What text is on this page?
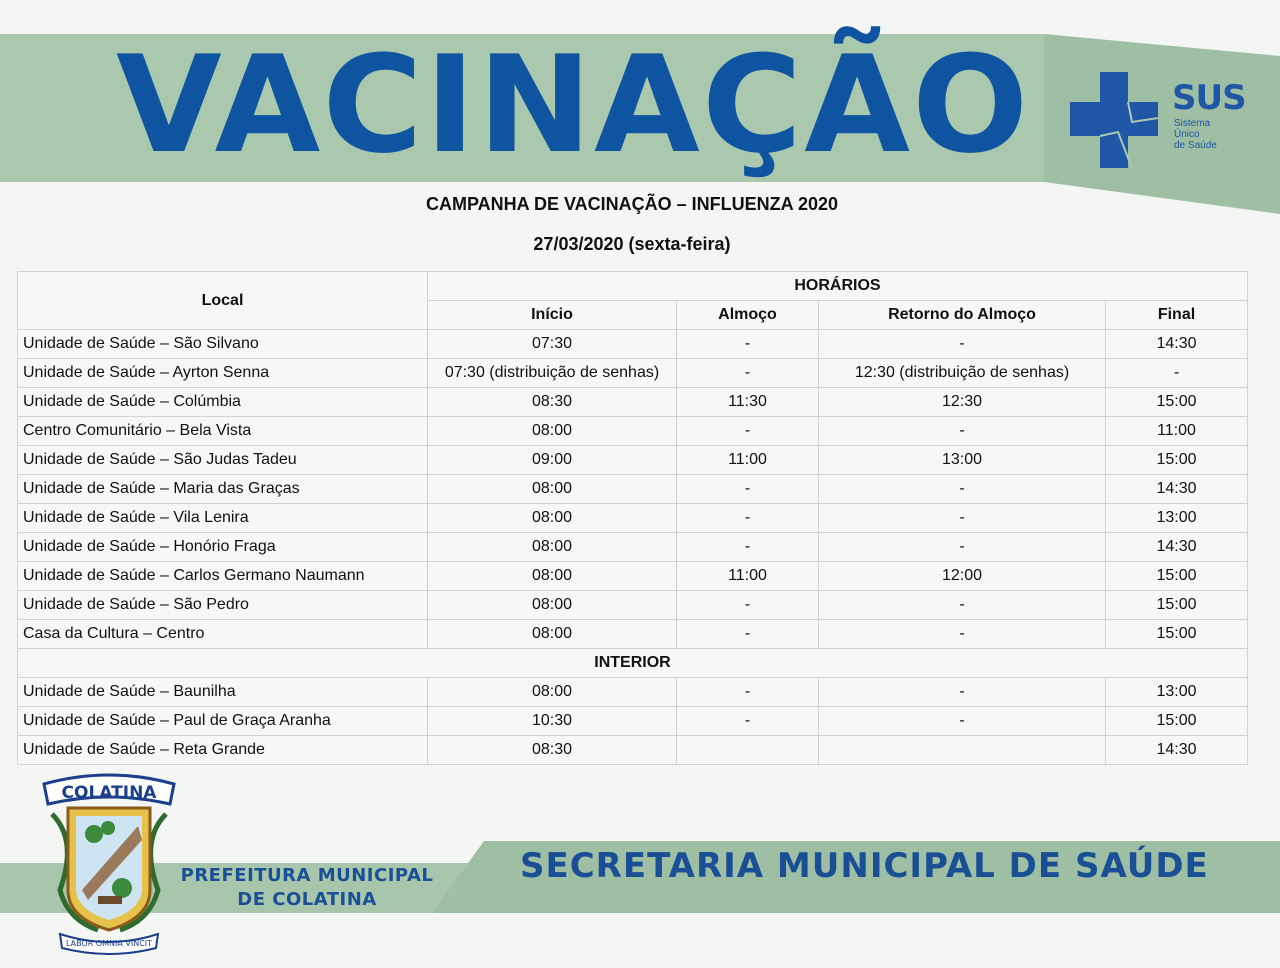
VACINAÇÃO	SUS
Sistema
Único
de Saúde
CAMPANHA DE VACINAÇÃO – INFLUENZA 2020
27/03/2020 (sexta-feira)
Local	HORÁRIOS			
	Início	Almoço	Retorno do Almoço	Final
Unidade de Saúde – São Silvano	07:30	-	-	14:30
Unidade de Saúde – Ayrton Senna	07:30 (distribuição de senhas)	-	12:30 (distribuição de senhas)	-
Unidade de Saúde – Colúmbia	08:30	11:30	12:30	15:00
Centro Comunitário – Bela Vista	08:00	-	-	11:00
Unidade de Saúde – São Judas Tadeu	09:00	11:00	13:00	15:00
Unidade de Saúde – Maria das Graças	08:00	-	-	14:30
Unidade de Saúde – Vila Lenira	08:00	-	-	13:00
Unidade de Saúde – Honório Fraga	08:00	-	-	14:30
Unidade de Saúde – Carlos Germano Naumann	08:00	11:00	12:00	15:00
Unidade de Saúde – São Pedro	08:00	-	-	15:00
Casa da Cultura – Centro	08:00	-	-	15:00
INTERIOR				
Unidade de Saúde – Baunilha	08:00	-	-	13:00
Unidade de Saúde – Paul de Graça Aranha	10:30	-	-	15:00
Unidade de Saúde – Reta Grande	08:30			14:30
SECRETARIA MUNICIPAL DE SAÚDE
PREFEITURA MUNICIPAL
DE COLATINA
COLATINA
LABOR OMNIA VINCIT
